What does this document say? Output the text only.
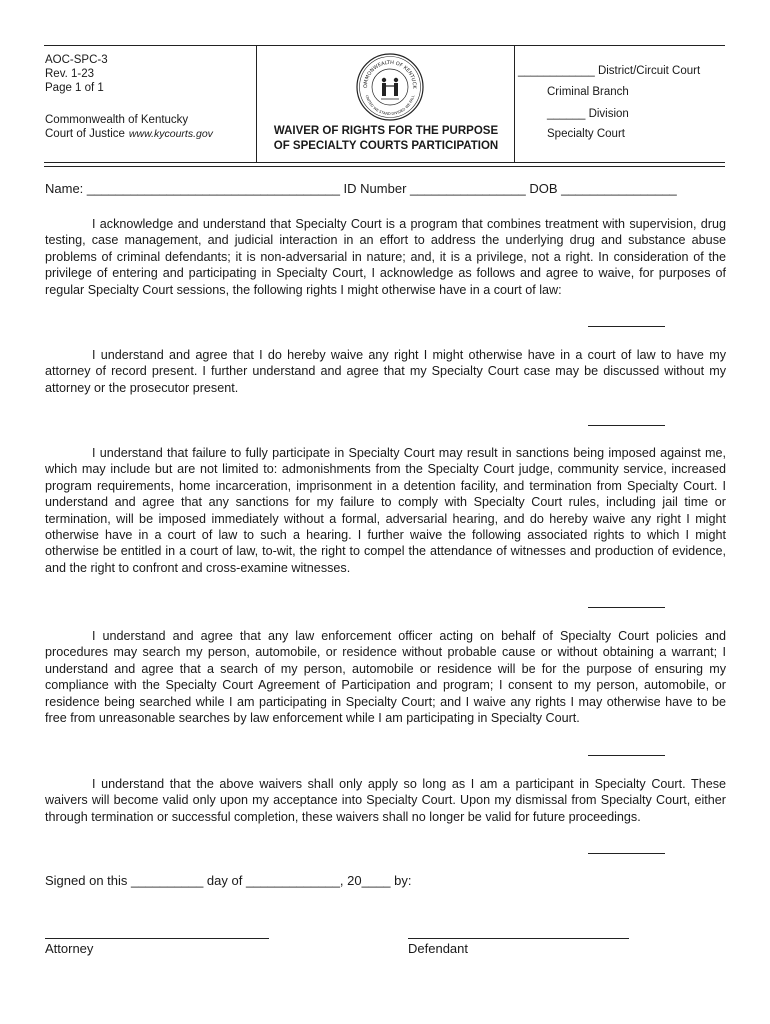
AOC-SPC-3
Rev. 1-23
Page 1 of 1
Commonwealth of Kentucky
Court of Justice www.kycourts.gov
OMMONWEALTH OF KENTUCK
UNITED WE STAND DIVIDED WE FALL
WAIVER OF RIGHTS FOR THE PURPOSE
OF SPECIALTY COURTS PARTICIPATION
____________ District/Circuit Court
Criminal Branch
______ Division
Specialty Court
Name: ___________________________________ ID Number ________________ DOB ________________
I acknowledge and understand that Specialty Court is a program that combines treatment with supervision, drug testing, case management, and judicial interaction in an effort to address the underlying drug and substance abuse problems of criminal defendants; it is non-adversarial in nature; and, it is a privilege, not a right. In consideration of the privilege of entering and participating in Specialty Court, I acknowledge as follows and agree to waive, for purposes of regular Specialty Court sessions, the following rights I might otherwise have in a court of law:
I understand and agree that I do hereby waive any right I might otherwise have in a court of law to have my attorney of record present. I further understand and agree that my Specialty Court case may be discussed without my attorney or the prosecutor present.
I understand that failure to fully participate in Specialty Court may result in sanctions being imposed against me, which may include but are not limited to: admonishments from the Specialty Court judge, community service, increased program requirements, home incarceration, imprisonment in a detention facility, and termination from Specialty Court. I understand and agree that any sanctions for my failure to comply with Specialty Court rules, including jail time or termination, will be imposed immediately without a formal, adversarial hearing, and do hereby waive any right I might otherwise have in a court of law to such a hearing. I further waive the following associated rights to which I might otherwise be entitled in a court of law, to-wit, the right to compel the attendance of witnesses and production of evidence, and the right to confront and cross-examine witnesses.
I understand and agree that any law enforcement officer acting on behalf of Specialty Court policies and procedures may search my person, automobile, or residence without probable cause or without obtaining a warrant; I understand and agree that a search of my person, automobile or residence will be for the purpose of ensuring my compliance with the Specialty Court Agreement of Participation and program; I consent to my person, automobile, or residence being searched while I am participating in Specialty Court; and I waive any rights I may otherwise have to be free from unreasonable searches by law enforcement while I am participating in Specialty Court.
I understand that the above waivers shall only apply so long as I am a participant in Specialty Court. These waivers will become valid only upon my acceptance into Specialty Court. Upon my dismissal from Specialty Court, either through termination or successful completion, these waivers shall no longer be valid for future proceedings.
Signed on this __________ day of _____________, 20____ by:
Attorney	Defendant
